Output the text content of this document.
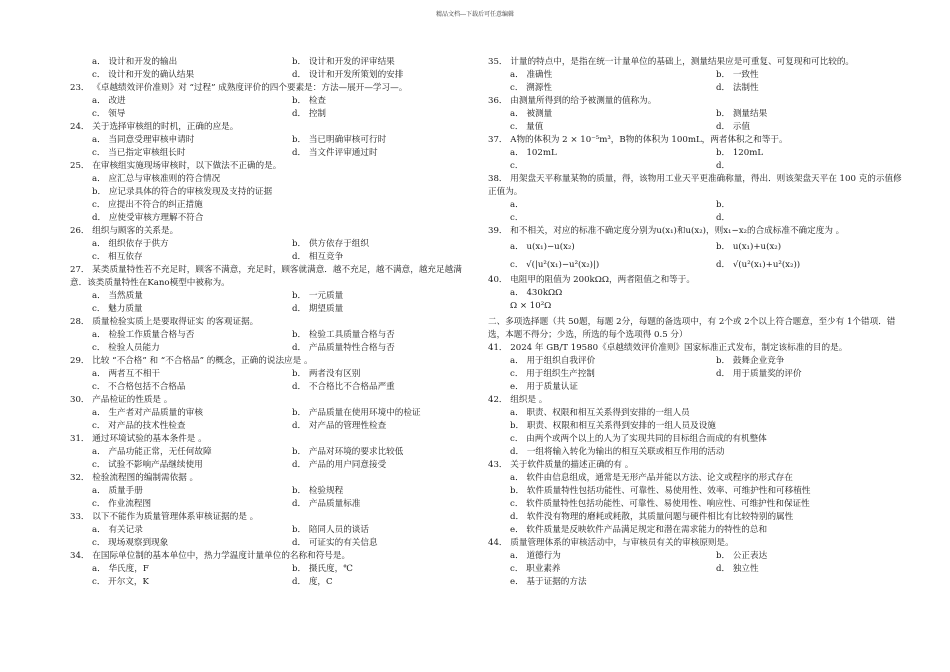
精品文档---下载后可任意编辑
a． 设计和开发的输出	b． 设计和开发的评审结果
c． 设计和开发的确认结果	d． 设计和开发所策划的安排
23． 《卓越绩效评价准则》对 “过程” 成熟度评价的四个要素是：方法—展开—学习—。
a． 改进	b． 检查
c． 领导	d． 控制
24． 关于选择审核组的时机，正确的应是。
a． 当同意受理审核申请时	b． 当已明确审核可行时
c． 当已指定审核组长时	d． 当文件评审通过时
25． 在审核组实施现场审核时，以下做法不正确的是。
a． 应汇总与审核准则的符合情况
b． 应记录具体的符合的审核发现及支持的证据
c． 应提出不符合的纠正措施
d． 应使受审核方理解不符合
26． 组织与顾客的关系是。
a． 组织依存于供方	b． 供方依存于组织
c． 相互依存	d． 相互竞争
27． 某类质量特性若不充足时，顾客不满意，充足时，顾客就满意．越不充足，越不满意，越充足越满意．该类质量特性在Kano模型中被称为。
a． 当然质量	b． 一元质量
c． 魅力质量	d． 期望质量
28． 质量检验实质上是要取得证实 的客观证据。
a． 检验工作质量合格与否	b． 检验工具质量合格与否
c． 检验人员能力	d． 产品质量特性合格与否
29． 比较 “不合格” 和 “不合格品” 的概念，正确的说法应是 。
a． 两者互不相干	b． 两者没有区别
c． 不合格包括不合格品	d． 不合格比不合格品严重
30． 产品检证的性质是 。
a． 生产者对产品质量的审核	b． 产品质量在使用环境中的检证
c． 对产品的技术性检查	d． 对产品的管理性检查
31． 通过环境试验的基本条件是 。
a． 产品功能正常，无任何故障	b． 产品对环境的要求比较低
c． 试验不影响产品继续使用	d． 产品的用户同意接受
32． 检验流程图的编制需依据 。
a． 质量手册	b． 检验规程
c． 作业流程图	d． 产品质量标准
33． 以下不能作为质量管理体系审核证据的是 。
a． 有关记录	b． 陪同人员的谈话
c． 现场观察到现象	d． 可证实的有关信息
34． 在国际单位制的基本单位中，热力学温度计量单位的名称和符号是。
a． 华氏度，F	b． 摄氏度，℃
c． 开尔文，K	d． 度，C
35． 计量的特点中，是指在统一计量单位的基础上，测量结果应是可重复、可复现和可比较的。
a． 准确性	b． 一致性
c． 溯源性	d． 法制性
36． 由测量所得到的给予被测量的值称为。
a． 被测量	b． 测量结果
c． 量值	d． 示值
37． A物的体积为 2 × 10⁻⁵m³，B物的体积为 100mL，两者体积之和等于。
a． 102mL	b． 120mL
c．	d．
38． 用架盘天平称量某物的质量，得，该物用工业天平更准确称量，得出．则该架盘天平在 100 克的示值修正值为。
a．	b．
c．	d．
39． 和不相关，对应的标准不确定度分别为u(x₁)和u(x₂)，则x₁−x₂的合成标准不确定度为 。
a． u(x₁)−u(x₂)	b． u(x₁)+u(x₂)
c． √(|u²(x₁)−u²(x₂)|)	d． √(u²(x₁)+u²(x₂))
40． 电阻甲的阻值为 200kΩΩ，两者阻值之和等于。
a． 430kΩΩ
Ω × 10²Ω
二、多项选择题（共 50题，每题 2分，每题的备选项中，有 2个或 2个以上符合题意，至少有 1个错项．错选，本题不得分；少选，所选的每个选项得 0.5 分）
41． 2024 年 GB/T 19580《卓越绩效评价准则》国家标准正式发布，制定该标准的目的是。
a． 用于组织自我评价	b． 鼓舞企业竞争
c． 用于组织生产控制	d． 用于质量奖的评价
e． 用于质量认证
42． 组织是 。
a． 职责、权限和相互关系得到安排的一组人员
b． 职责、权限和相互关系得到安排的一组人员及设施
c． 由两个或两个以上的人为了实现共同的目标组合而成的有机整体
d． 一组将输入转化为输出的相互关联或相互作用的活动
43． 关于软件质量的描述正确的有 。
a． 软件由信息组成，通常是无形产品并能以方法、论文或程序的形式存在
b． 软件质量特性包括功能性、可靠性、易使用性、效率、可维护性和可移植性
c． 软件质量特性包括功能性、可靠性、易使用性、响应性、可维护性和保证性
d． 软件没有物理的磨耗或耗散，其质量问题与硬件相比有比较特别的属性
e． 软件质量是反映软件产品满足规定和潜在需求能力的特性的总和
44． 质量管理体系的审核活动中，与审核员有关的审核原则是。
a． 道德行为	b． 公正表达
c． 职业素养	d． 独立性
e． 基于证据的方法
